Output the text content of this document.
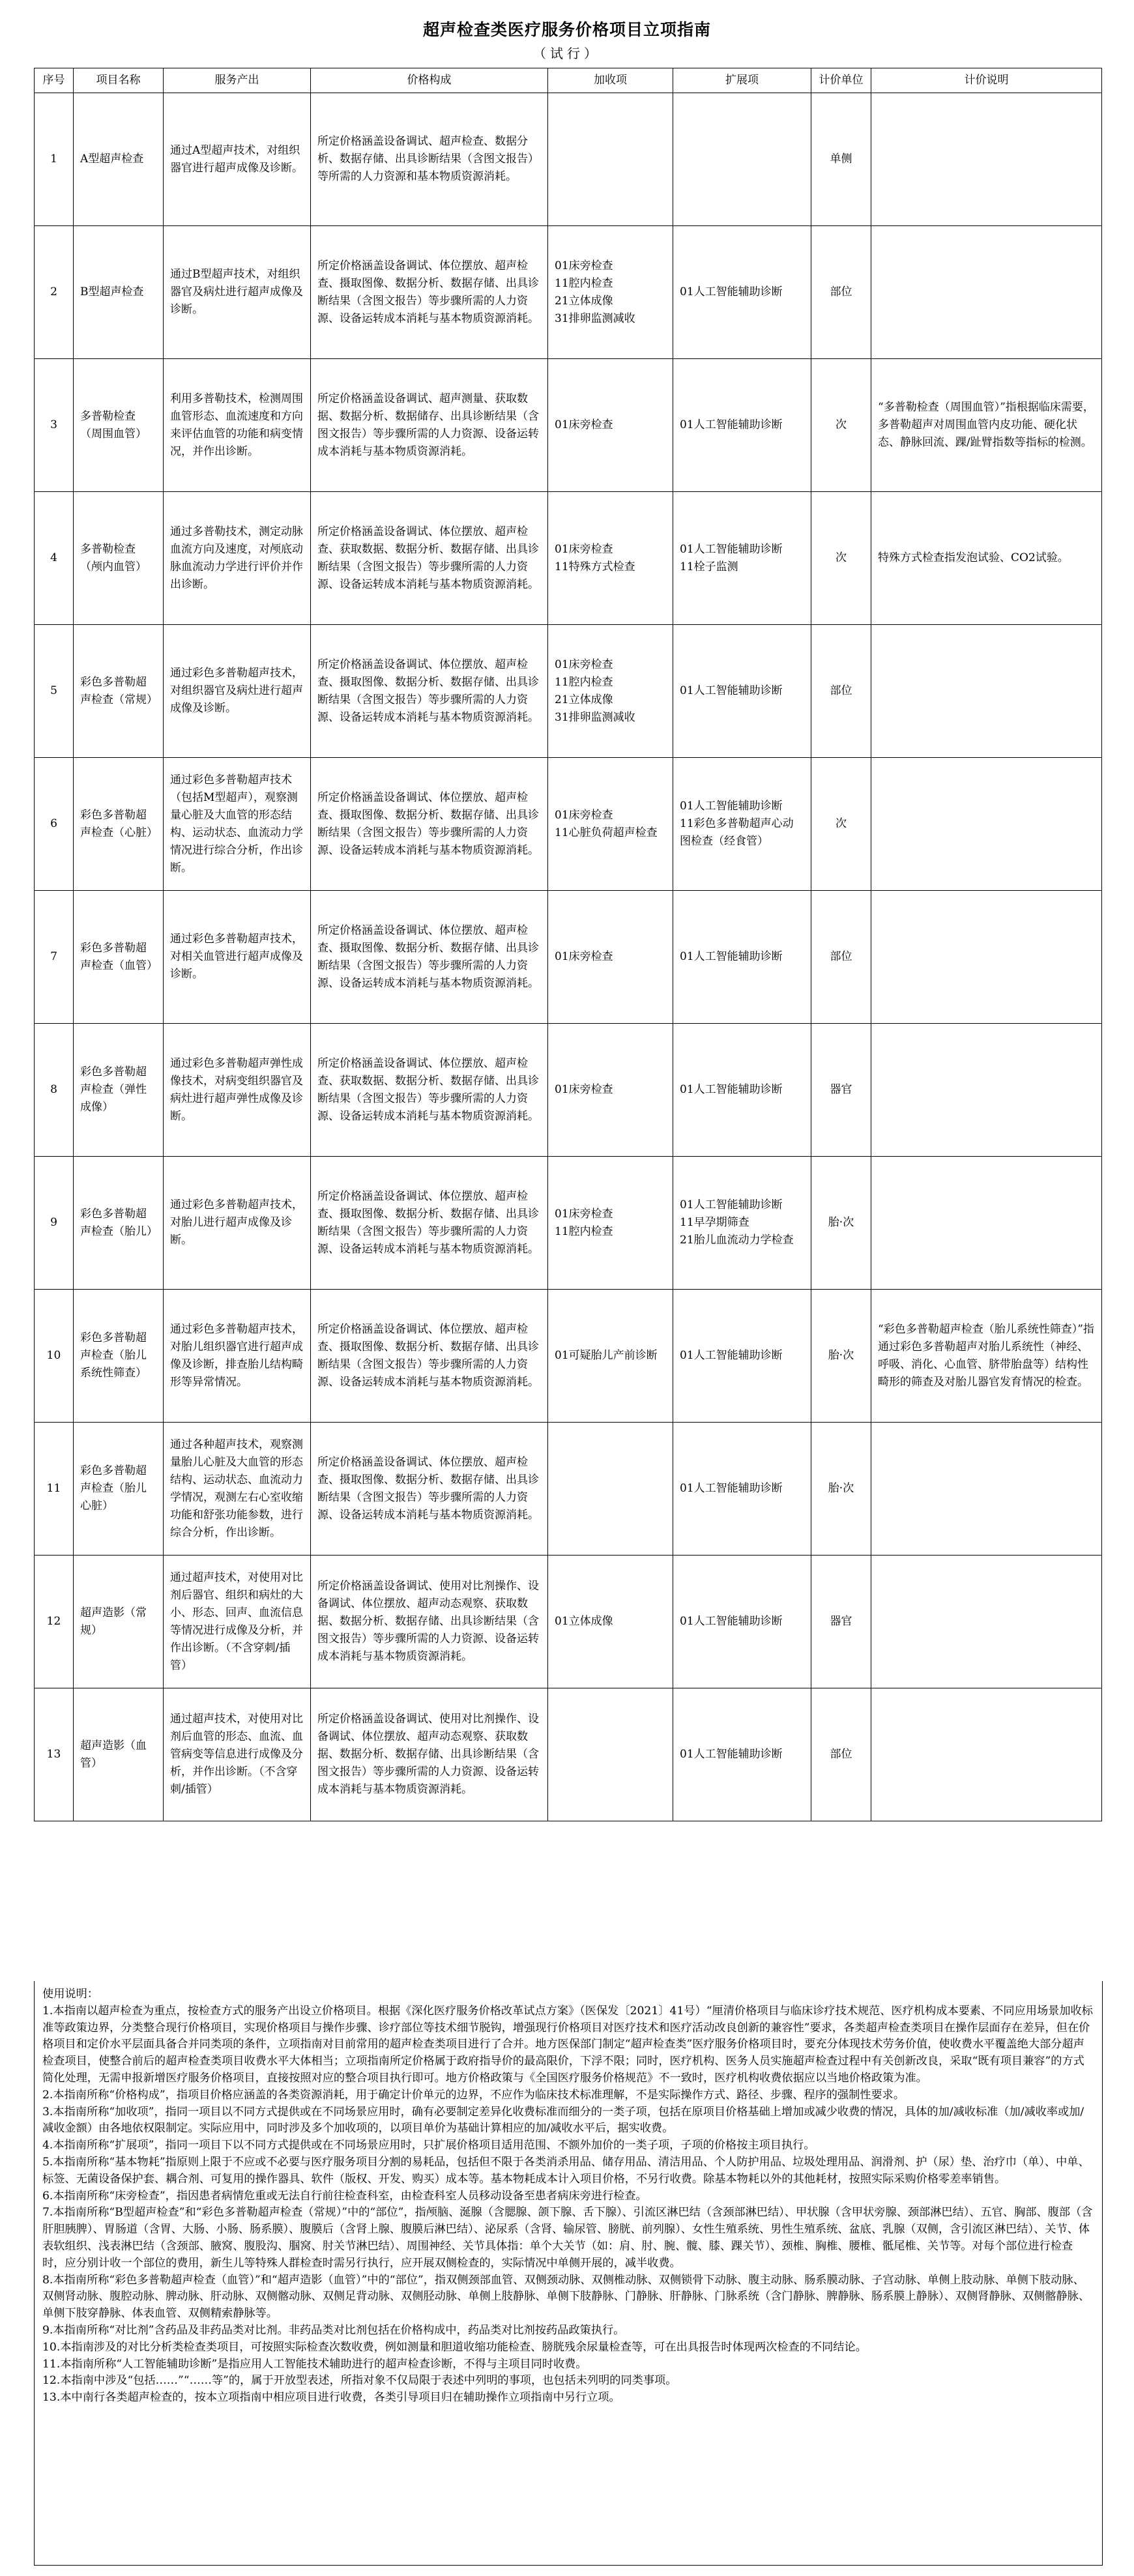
超声检查类医疗服务价格项目立项指南
（试行）
序号	项目名称	服务产出	价格构成	加收项	扩展项	计价单位	计价说明
1	A型超声检查	通过A型超声技术，对组织器官进行超声成像及诊断。	所定价格涵盖设备调试、超声检查、数据分析、数据存储、出具诊断结果（含图文报告）等所需的人力资源和基本物质资源消耗。			单侧	
2	B型超声检查	通过B型超声技术，对组织器官及病灶进行超声成像及诊断。	所定价格涵盖设备调试、体位摆放、超声检查、摄取图像、数据分析、数据存储、出具诊断结果（含图文报告）等步骤所需的人力资源、设备运转成本消耗与基本物质资源消耗。	01床旁检查
11腔内检查
21立体成像
31排卵监测减收	01人工智能辅助诊断	部位	
3	多普勒检查（周围血管）	利用多普勒技术，检测周围血管形态、血流速度和方向来评估血管的功能和病变情况，并作出诊断。	所定价格涵盖设备调试、超声测量、获取数据、数据分析、数据储存、出具诊断结果（含图文报告）等步骤所需的人力资源、设备运转成本消耗与基本物质资源消耗。	01床旁检查	01人工智能辅助诊断	次	“多普勒检查（周围血管）”指根据临床需要，多普勒超声对周围血管内皮功能、硬化状态、静脉回流、踝/趾臂指数等指标的检测。
4	多普勒检查（颅内血管）	通过多普勒技术，测定动脉血流方向及速度，对颅底动脉血流动力学进行评价并作出诊断。	所定价格涵盖设备调试、体位摆放、超声检查、获取数据、数据分析、数据存储、出具诊断结果（含图文报告）等步骤所需的人力资源、设备运转成本消耗与基本物质资源消耗。	01床旁检查
11特殊方式检查	01人工智能辅助诊断
11栓子监测	次	特殊方式检查指发泡试验、CO2试验。
5	彩色多普勒超声检查（常规）	通过彩色多普勒超声技术，对组织器官及病灶进行超声成像及诊断。	所定价格涵盖设备调试、体位摆放、超声检查、摄取图像、数据分析、数据存储、出具诊断结果（含图文报告）等步骤所需的人力资源、设备运转成本消耗与基本物质资源消耗。	01床旁检查
11腔内检查
21立体成像
31排卵监测减收	01人工智能辅助诊断	部位	
6	彩色多普勒超声检查（心脏）	通过彩色多普勒超声技术（包括M型超声），观察测量心脏及大血管的形态结构、运动状态、血流动力学情况进行综合分析，作出诊断。	所定价格涵盖设备调试、体位摆放、超声检查、摄取图像、数据分析、数据存储、出具诊断结果（含图文报告）等步骤所需的人力资源、设备运转成本消耗与基本物质资源消耗。	01床旁检查
11心脏负荷超声检查	01人工智能辅助诊断
11彩色多普勒超声心动图检查（经食管）	次	
7	彩色多普勒超声检查（血管）	通过彩色多普勒超声技术，对相关血管进行超声成像及诊断。	所定价格涵盖设备调试、体位摆放、超声检查、摄取图像、数据分析、数据存储、出具诊断结果（含图文报告）等步骤所需的人力资源、设备运转成本消耗与基本物质资源消耗。	01床旁检查	01人工智能辅助诊断	部位	
8	彩色多普勒超声检查（弹性成像）	通过彩色多普勒超声弹性成像技术，对病变组织器官及病灶进行超声弹性成像及诊断。	所定价格涵盖设备调试、体位摆放、超声检查、获取数据、数据分析、数据存储、出具诊断结果（含图文报告）等步骤所需的人力资源、设备运转成本消耗与基本物质资源消耗。	01床旁检查	01人工智能辅助诊断	器官	
9	彩色多普勒超声检查（胎儿）	通过彩色多普勒超声技术，对胎儿进行超声成像及诊断。	所定价格涵盖设备调试、体位摆放、超声检查、摄取图像、数据分析、数据存储、出具诊断结果（含图文报告）等步骤所需的人力资源、设备运转成本消耗与基本物质资源消耗。	01床旁检查
11腔内检查	01人工智能辅助诊断
11早孕期筛查
21胎儿血流动力学检查	胎·次	
10	彩色多普勒超声检查（胎儿系统性筛查）	通过彩色多普勒超声技术，对胎儿组织器官进行超声成像及诊断，排查胎儿结构畸形等异常情况。	所定价格涵盖设备调试、体位摆放、超声检查、摄取图像、数据分析、数据存储、出具诊断结果（含图文报告）等步骤所需的人力资源、设备运转成本消耗与基本物质资源消耗。	01可疑胎儿产前诊断	01人工智能辅助诊断	胎·次	“彩色多普勒超声检查（胎儿系统性筛查）”指通过彩色多普勒超声对胎儿系统性（神经、呼吸、消化、心血管、脐带胎盘等）结构性畸形的筛查及对胎儿器官发育情况的检查。
11	彩色多普勒超声检查（胎儿心脏）	通过各种超声技术，观察测量胎儿心脏及大血管的形态结构、运动状态、血流动力学情况，观测左右心室收缩功能和舒张功能参数，进行综合分析，作出诊断。	所定价格涵盖设备调试、体位摆放、超声检查、摄取图像、数据分析、数据存储、出具诊断结果（含图文报告）等步骤所需的人力资源、设备运转成本消耗与基本物质资源消耗。		01人工智能辅助诊断	胎·次	
12	超声造影（常规）	通过超声技术，对使用对比剂后器官、组织和病灶的大小、形态、回声、血流信息等情况进行成像及分析，并作出诊断。（不含穿刺/插管）	所定价格涵盖设备调试、使用对比剂操作、设备调试、体位摆放、超声动态观察、获取数据、数据分析、数据存储、出具诊断结果（含图文报告）等步骤所需的人力资源、设备运转成本消耗与基本物质资源消耗。	01立体成像	01人工智能辅助诊断	器官	
13	超声造影（血管）	通过超声技术，对使用对比剂后血管的形态、血流、血管病变等信息进行成像及分析，并作出诊断。（不含穿刺/插管）	所定价格涵盖设备调试、使用对比剂操作、设备调试、体位摆放、超声动态观察、获取数据、数据分析、数据存储、出具诊断结果（含图文报告）等步骤所需的人力资源、设备运转成本消耗与基本物质资源消耗。		01人工智能辅助诊断	部位	

使用说明：

1.本指南以超声检查为重点，按检查方式的服务产出设立价格项目。根据《深化医疗服务价格改革试点方案》（医保发〔2021〕41号）“厘清价格项目与临床诊疗技术规范、医疗机构成本要素、不同应用场景加收标准等政策边界，分类整合现行价格项目，实现价格项目与操作步骤、诊疗部位等技术细节脱钩，增强现行价格项目对医疗技术和医疗活动改良创新的兼容性”要求，各类超声检查类项目在操作层面存在差异，但在价格项目和定价水平层面具备合并同类项的条件，立项指南对目前常用的超声检查类项目进行了合并。地方医保部门制定“超声检查类”医疗服务价格项目时，要充分体现技术劳务价值，使收费水平覆盖绝大部分超声检查项目，使整合前后的超声检查类项目收费水平大体相当；立项指南所定价格属于政府指导价的最高限价，下浮不限；同时，医疗机构、医务人员实施超声检查过程中有关创新改良，采取“既有项目兼容”的方式简化处理，无需申报新增医疗服务价格项目，直接按照对应的整合项目执行即可。地方价格政策与《全国医疗服务价格规范》不一致时，医疗机构收费依据应以当地价格政策为准。

2.本指南所称“价格构成”，指项目价格应涵盖的各类资源消耗，用于确定计价单元的边界，不应作为临床技术标准理解，不是实际操作方式、路径、步骤、程序的强制性要求。

3.本指南所称“加收项”，指同一项目以不同方式提供或在不同场景应用时，确有必要制定差异化收费标准而细分的一类子项，包括在原项目价格基础上增加或减少收费的情况，具体的加/减收标准（加/减收率或加/减收金额）由各地依权限制定。实际应用中，同时涉及多个加收项的，以项目单价为基础计算相应的加/减收水平后，据实收费。

4.本指南所称“扩展项”，指同一项目下以不同方式提供或在不同场景应用时，只扩展价格项目适用范围、不额外加价的一类子项，子项的价格按主项目执行。

5.本指南所称“基本物耗”指原则上限于不应或不必要与医疗服务项目分割的易耗品，包括但不限于各类消杀用品、储存用品、清洁用品、个人防护用品、垃圾处理用品、润滑剂、护（尿）垫、治疗巾（单）、中单、标签、无菌设备保护套、耦合剂、可复用的操作器具、软件（版权、开发、购买）成本等。基本物耗成本计入项目价格，不另行收费。除基本物耗以外的其他耗材，按照实际采购价格零差率销售。

6.本指南所称“床旁检查”，指因患者病情危重或无法自行前往检查科室，由检查科室人员移动设备至患者病床旁进行检查。

7.本指南所称“B型超声检查”和“彩色多普勒超声检查（常规）”中的“部位”，指颅脑、涎腺（含腮腺、颌下腺、舌下腺）、引流区淋巴结（含颈部淋巴结）、甲状腺（含甲状旁腺、颈部淋巴结）、五官、胸部、腹部（含肝胆胰脾）、胃肠道（含胃、大肠、小肠、肠系膜）、腹膜后（含肾上腺、腹膜后淋巴结）、泌尿系（含肾、输尿管、膀胱、前列腺）、女性生殖系统、男性生殖系统、盆底、乳腺（双侧，含引流区淋巴结）、关节、体表软组织、浅表淋巴结（含颈部、腋窝、腹股沟、腘窝、肘关节淋巴结）、周围神经、关节具体指：单个大关节（如：肩、肘、腕、髋、膝、踝关节）、颈椎、胸椎、腰椎、骶尾椎、关节等。对每个部位进行检查时，应分别计收一个部位的费用，新生儿等特殊人群检查时需另行执行，应开展双侧检查的，实际情况中单侧开展的，减半收费。

8.本指南所称“彩色多普勒超声检查（血管）”和“超声造影（血管）”中的“部位”，指双侧颈部血管、双侧颈动脉、双侧椎动脉、双侧锁骨下动脉、腹主动脉、肠系膜动脉、子宫动脉、单侧上肢动脉、单侧下肢动脉、双侧肾动脉、腹腔动脉、脾动脉、肝动脉、双侧髂动脉、双侧足背动脉、双侧胫动脉、单侧上肢静脉、单侧下肢静脉、门静脉、肝静脉、门脉系统（含门静脉、脾静脉、肠系膜上静脉）、双侧肾静脉、双侧髂静脉、单侧下肢穿静脉、体表血管、双侧精索静脉等。

9.本指南所称“对比剂”含药品及非药品类对比剂。非药品类对比剂包括在价格构成中，药品类对比剂按药品政策执行。

10.本指南涉及的对比分析类检查类项目，可按照实际检查次数收费，例如测量和胆道收缩功能检查、膀胱残余尿量检查等，可在出具报告时体现两次检查的不同结论。

11.本指南所称“人工智能辅助诊断”是指应用人工智能技术辅助进行的超声检查诊断，不得与主项目同时收费。

12.本指南中涉及“包括……”“……等”的，属于开放型表述，所指对象不仅局限于表述中列明的事项，也包括未列明的同类事项。

13.本中南行各类超声检查的，按本立项指南中相应项目进行收费，各类引导项目归在辅助操作立项指南中另行立项。
